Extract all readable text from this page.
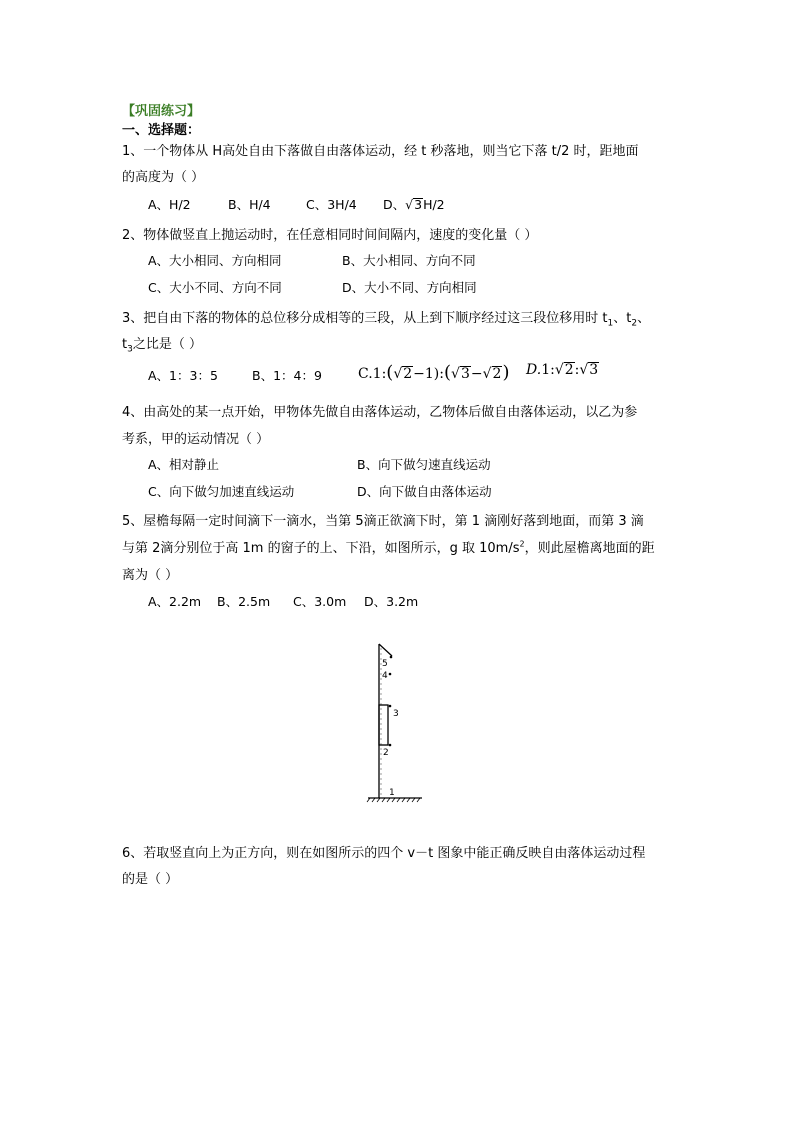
【巩固练习】
一、选择题：
1、一个物体从 H高处自由下落做自由落体运动，经 t 秒落地，则当它下落 t/2 时，距地面
的高度为（ ）
A、H/2	B、H/4	C、3H/4 D、√3H/2
2、物体做竖直上抛运动时，在任意相同时间间隔内，速度的变化量（ ）
A、大小相同、方向相同	B、大小相同、方向不同
C、大小不同、方向不同	D、大小不同、方向相同
3、把自由下落的物体的总位移分成相等的三段，从上到下顺序经过这三段位移用时 $t_1$、$t_2$、
$t_3$之比是（ ）
A、1：3：5	B、1：4：9	C.1:(√2−1):(√3−√2) D.1:√2:√3
4、由高处的某一点开始，甲物体先做自由落体运动，乙物体后做自由落体运动，以乙为参
考系，甲的运动情况（ ）
A、相对静止	B、向下做匀速直线运动
C、向下做匀加速直线运动	D、向下做自由落体运动
5、屋檐每隔一定时间滴下一滴水，当第 5滴正欲滴下时，第 1 滴刚好落到地面，而第 3 滴
与第 2滴分别位于高 1m 的窗子的上、下沿，如图所示，g 取 $10m/s^2$，则此屋檐离地面的距
离为（ ）
A、2.2m B、2.5m C、3.0m D、3.2m
5
4
3
2
1
6、若取竖直向上为正方向，则在如图所示的四个 v－t 图象中能正确反映自由落体运动过程
的是（ ）
